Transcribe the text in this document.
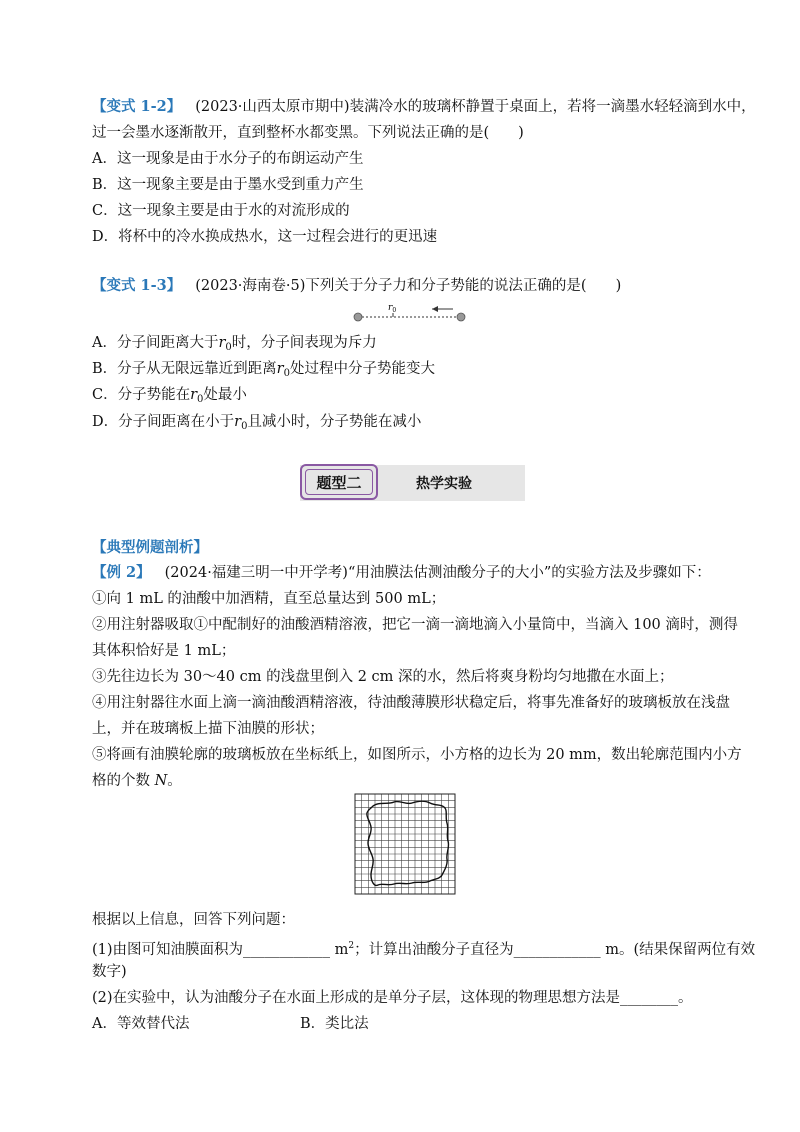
【变式 1-2】 (2023·山西太原市期中)装满冷水的玻璃杯静置于桌面上，若将一滴墨水轻轻滴到水中，
过一会墨水逐渐散开，直到整杯水都变黑。下列说法正确的是(　　)
A．这一现象是由于水分子的布朗运动产生
B．这一现象主要是由于墨水受到重力产生
C．这一现象主要是由于水的对流形成的
D．将杯中的冷水换成热水，这一过程会进行的更迅速
【变式 1-3】 (2023·海南卷·5)下列关于分子力和分子势能的说法正确的是(　　)
$r_0$
A．分子间距离大于$r_0$时，分子间表现为斥力
B．分子从无限远靠近到距离$r_0$处过程中分子势能变大
C．分子势能在$r_0$处最小
D．分子间距离在小于$r_0$且减小时，分子势能在减小
题型二	热学实验
【典型例题剖析】
【例 2】 (2024·福建三明一中开学考)“用油膜法估测油酸分子的大小”的实验方法及步骤如下：
①向 1 mL 的油酸中加酒精，直至总量达到 500 mL；
②用注射器吸取①中配制好的油酸酒精溶液，把它一滴一滴地滴入小量筒中，当滴入 100 滴时，测得
其体积恰好是 1 mL；
③先往边长为 30～40 cm 的浅盘里倒入 2 cm 深的水，然后将爽身粉均匀地撒在水面上；
④用注射器往水面上滴一滴油酸酒精溶液，待油酸薄膜形状稳定后，将事先准备好的玻璃板放在浅盘
上，并在玻璃板上描下油膜的形状；
⑤将画有油膜轮廓的玻璃板放在坐标纸上，如图所示，小方格的边长为 20 mm，数出轮廓范围内小方
格的个数 N。
根据以上信息，回答下列问题：
(1)由图可知油膜面积为____________ $m^2$；计算出油酸分子直径为____________ m。(结果保留两位有效
数字)
(2)在实验中，认为油酸分子在水面上形成的是单分子层，这体现的物理思想方法是________。
A．等效替代法	B．类比法
